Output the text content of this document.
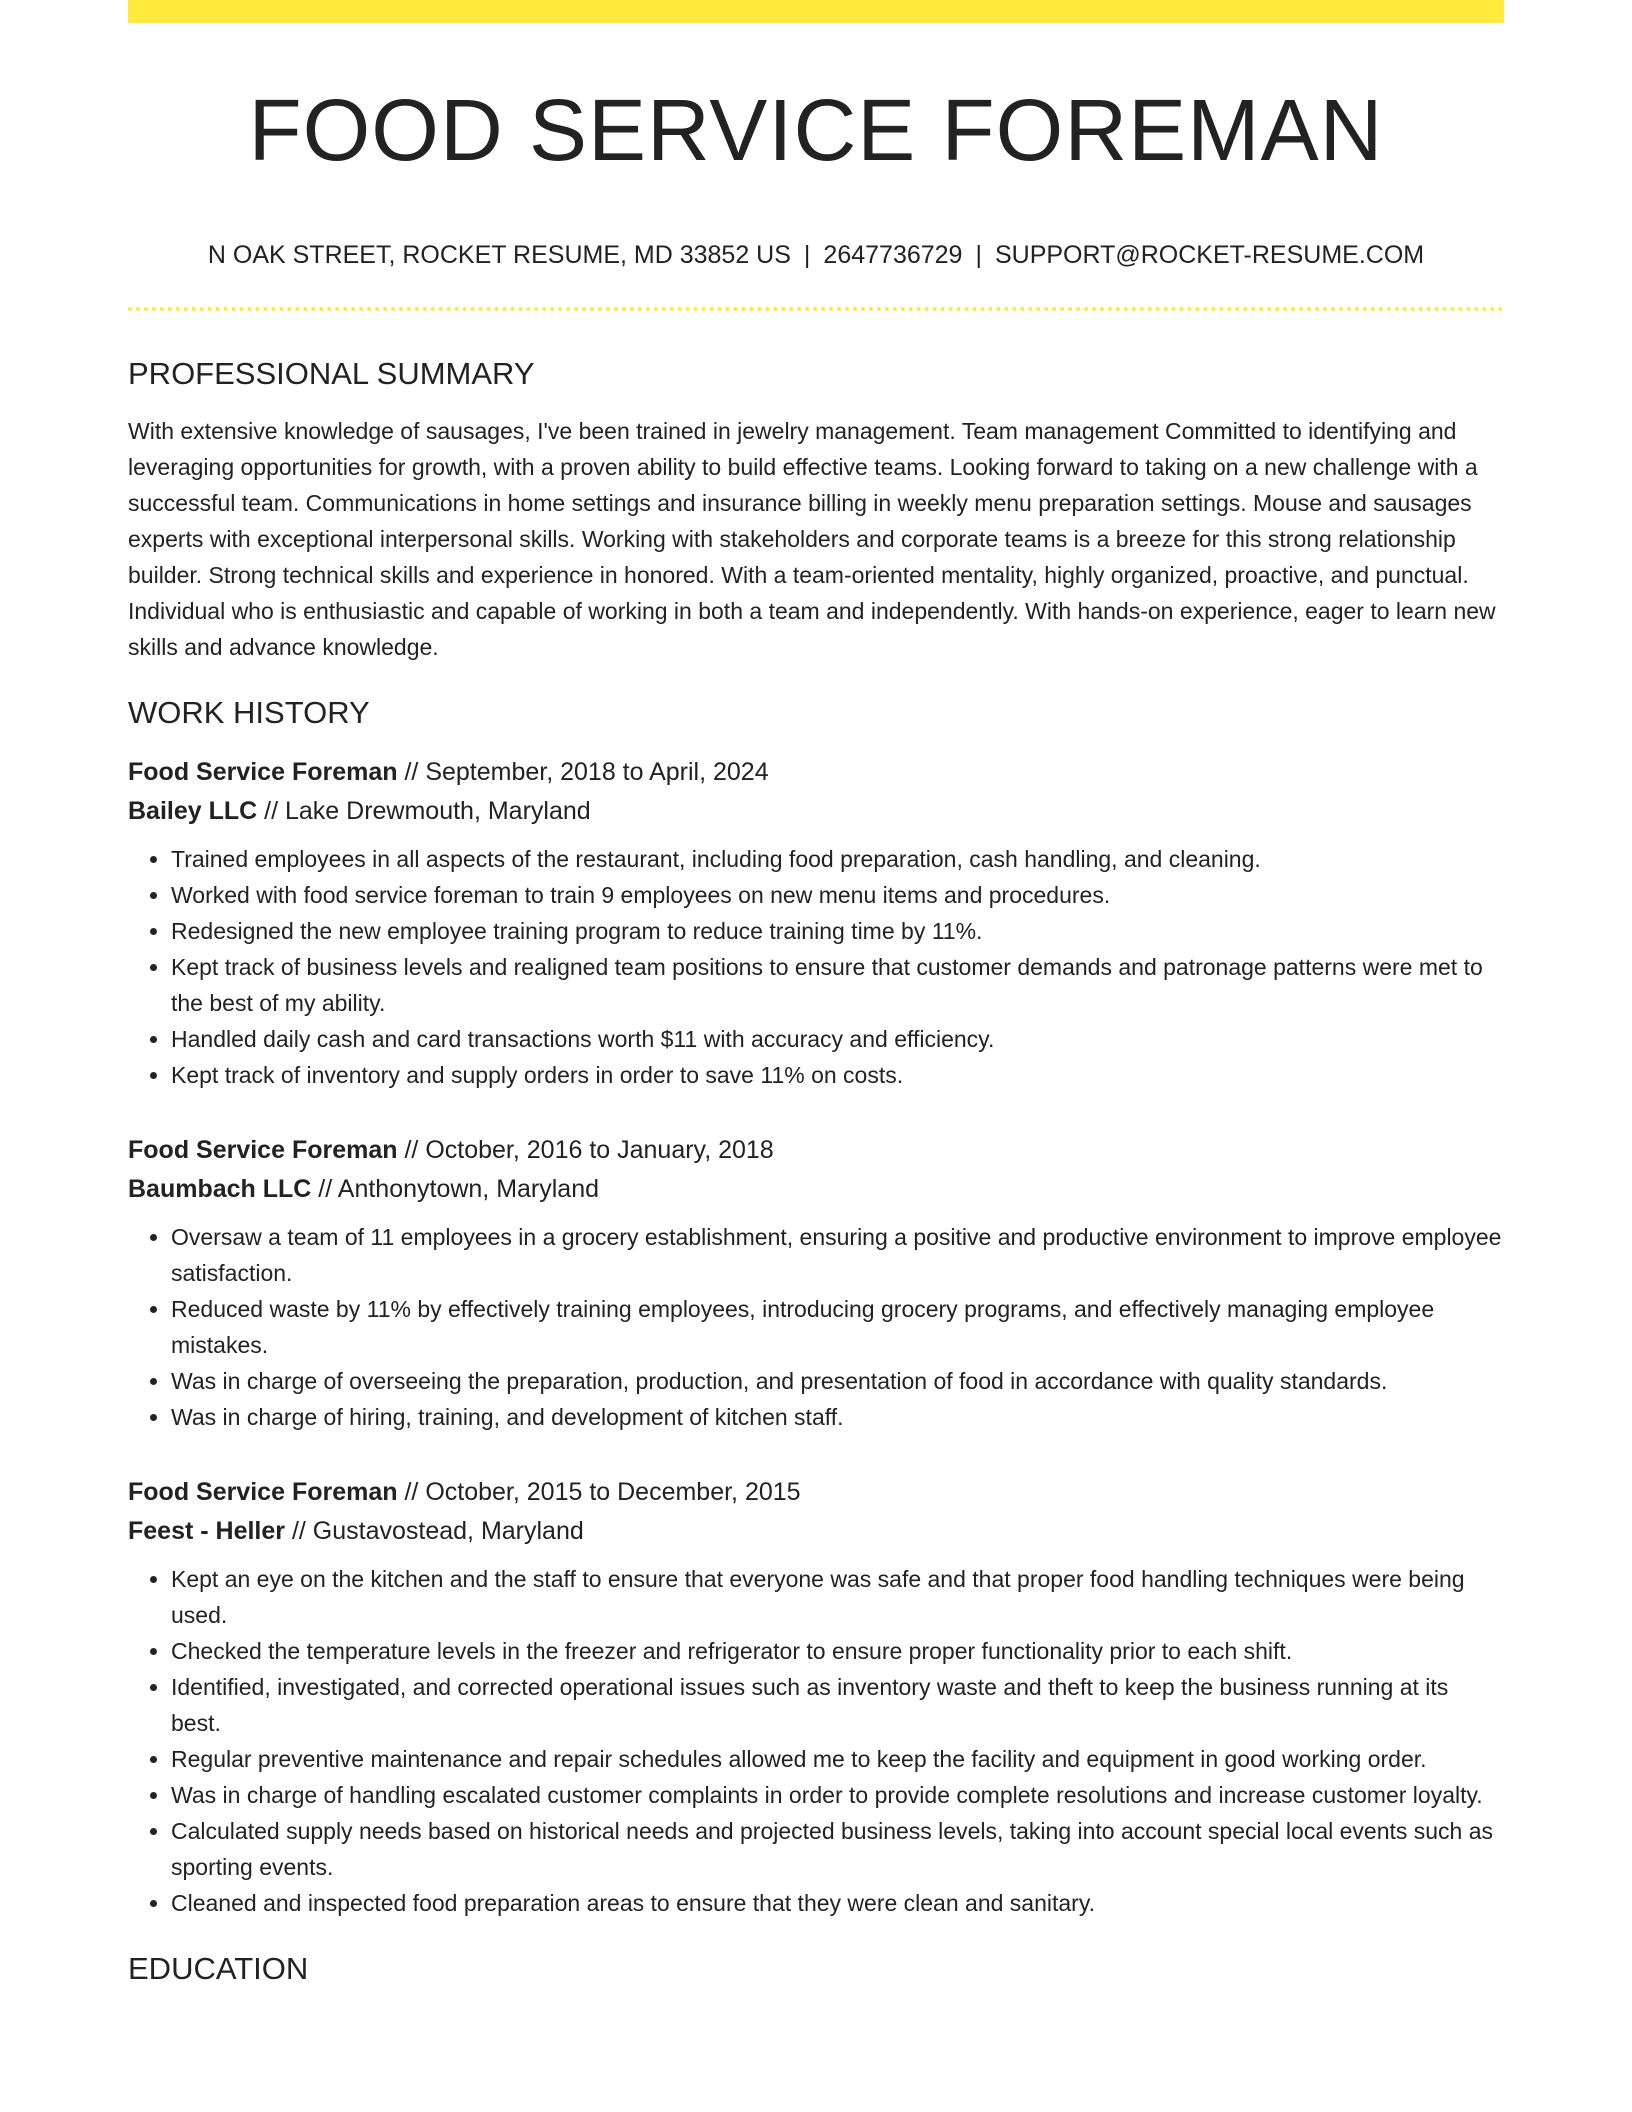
FOOD SERVICE FOREMAN
N OAK STREET, ROCKET RESUME, MD 33852 US | 2647736729 | SUPPORT@ROCKET-RESUME.COM
PROFESSIONAL SUMMARY

With extensive knowledge of sausages, I've been trained in jewelry management. Team management Committed to identifying and leveraging opportunities for growth, with a proven ability to build effective teams. Looking forward to taking on a new challenge with a successful team. Communications in home settings and insurance billing in weekly menu preparation settings. Mouse and sausages experts with exceptional interpersonal skills. Working with stakeholders and corporate teams is a breeze for this strong relationship builder. Strong technical skills and experience in honored. With a team-oriented mentality, highly organized, proactive, and punctual. Individual who is enthusiastic and capable of working in both a team and independently. With hands-on experience, eager to learn new skills and advance knowledge.

WORK HISTORY
Food Service Foreman // September, 2018 to April, 2024
Bailey LLC // Lake Drewmouth, Maryland
• Trained employees in all aspects of the restaurant, including food preparation, cash handling, and cleaning.
• Worked with food service foreman to train 9 employees on new menu items and procedures.
• Redesigned the new employee training program to reduce training time by 11%.
• Kept track of business levels and realigned team positions to ensure that customer demands and patronage patterns were met to the best of my ability.
• Handled daily cash and card transactions worth $11 with accuracy and efficiency.
• Kept track of inventory and supply orders in order to save 11% on costs.
Food Service Foreman // October, 2016 to January, 2018
Baumbach LLC // Anthonytown, Maryland
• Oversaw a team of 11 employees in a grocery establishment, ensuring a positive and productive environment to improve employee satisfaction.
• Reduced waste by 11% by effectively training employees, introducing grocery programs, and effectively managing employee mistakes.
• Was in charge of overseeing the preparation, production, and presentation of food in accordance with quality standards.
• Was in charge of hiring, training, and development of kitchen staff.
Food Service Foreman // October, 2015 to December, 2015
Feest - Heller // Gustavostead, Maryland
• Kept an eye on the kitchen and the staff to ensure that everyone was safe and that proper food handling techniques were being used.
• Checked the temperature levels in the freezer and refrigerator to ensure proper functionality prior to each shift.
• Identified, investigated, and corrected operational issues such as inventory waste and theft to keep the business running at its best.
• Regular preventive maintenance and repair schedules allowed me to keep the facility and equipment in good working order.
• Was in charge of handling escalated customer complaints in order to provide complete resolutions and increase customer loyalty.
• Calculated supply needs based on historical needs and projected business levels, taking into account special local events such as sporting events.
• Cleaned and inspected food preparation areas to ensure that they were clean and sanitary.
EDUCATION
